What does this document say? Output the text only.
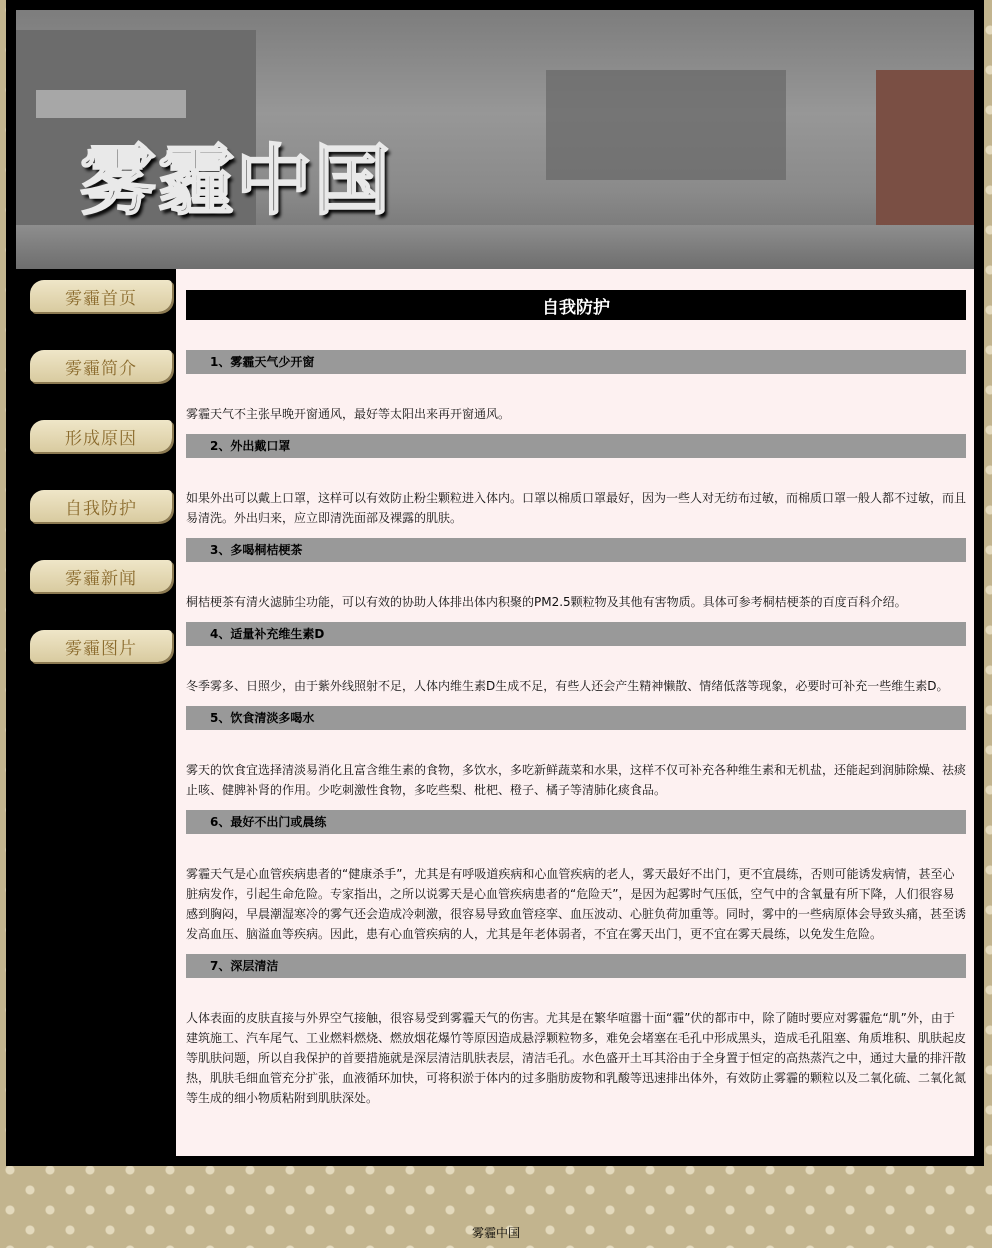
雾霾中国
雾霾首页
雾霾简介
形成原因
自我防护
雾霾新闻
雾霾图片
自我防护
1、雾霾天气少开窗

雾霾天气不主张早晚开窗通风，最好等太阳出来再开窗通风。

2、外出戴口罩

如果外出可以戴上口罩，这样可以有效防止粉尘颗粒进入体内。口罩以棉质口罩最好，因为一些人对无纺布过敏，而棉质口罩一般人都不过敏，而且易清洗。外出归来，应立即清洗面部及裸露的肌肤。

3、多喝桐桔梗茶

桐桔梗茶有清火滤肺尘功能，可以有效的协助人体排出体内积聚的PM2.5颗粒物及其他有害物质。具体可参考桐桔梗茶的百度百科介绍。

4、适量补充维生素D

冬季雾多、日照少，由于紫外线照射不足，人体内维生素D生成不足，有些人还会产生精神懒散、情绪低落等现象，必要时可补充一些维生素D。

5、饮食清淡多喝水

雾天的饮食宜选择清淡易消化且富含维生素的食物，多饮水，多吃新鲜蔬菜和水果，这样不仅可补充各种维生素和无机盐，还能起到润肺除燥、祛痰止咳、健脾补肾的作用。少吃刺激性食物，多吃些梨、枇杷、橙子、橘子等清肺化痰食品。

6、最好不出门或晨练

雾霾天气是心血管疾病患者的“健康杀手”，尤其是有呼吸道疾病和心血管疾病的老人，雾天最好不出门，更不宜晨练，否则可能诱发病情，甚至心脏病发作，引起生命危险。专家指出，之所以说雾天是心血管疾病患者的“危险天”，是因为起雾时气压低，空气中的含氧量有所下降，人们很容易感到胸闷，早晨潮湿寒冷的雾气还会造成冷刺激，很容易导致血管痉挛、血压波动、心脏负荷加重等。同时，雾中的一些病原体会导致头痛，甚至诱发高血压、脑溢血等疾病。因此，患有心血管疾病的人，尤其是年老体弱者，不宜在雾天出门，更不宜在雾天晨练，以免发生危险。

7、深层清洁

人体表面的皮肤直接与外界空气接触，很容易受到雾霾天气的伤害。尤其是在繁华喧嚣十面“霾”伏的都市中，除了随时要应对雾霾危“肌”外，由于建筑施工、汽车尾气、工业燃料燃烧、燃放烟花爆竹等原因造成悬浮颗粒物多，难免会堵塞在毛孔中形成黑头，造成毛孔阻塞、角质堆积、肌肤起皮等肌肤问题，所以自我保护的首要措施就是深层清洁肌肤表层，清洁毛孔。水色盛开土耳其浴由于全身置于恒定的高热蒸汽之中，通过大量的排汗散热，肌肤毛细血管充分扩张，血液循环加快，可将积淤于体内的过多脂肪废物和乳酸等迅速排出体外，有效防止雾霾的颗粒以及二氧化硫、二氧化氮等生成的细小物质粘附到肌肤深处。

雾霾中国
